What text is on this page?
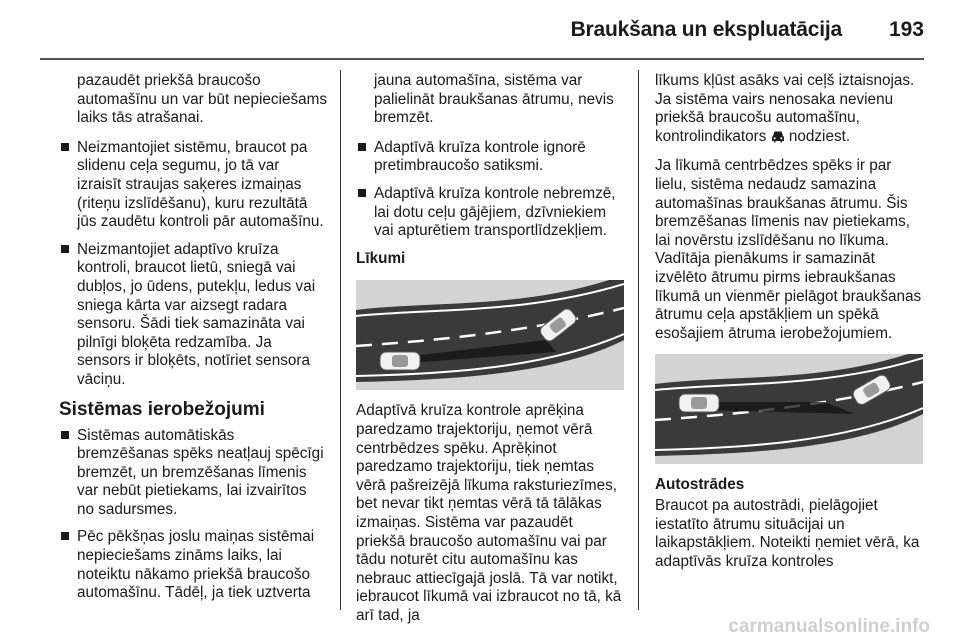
Braukšana un ekspluatācija 193

pazaudēt priekšā braucošo automašīnu un var būt nepieciešams laiks tās atrašanai.

Neizmantojiet sistēmu, braucot pa slidenu ceļa segumu, jo tā var izraisīt straujas saķeres izmaiņas (riteņu izslīdēšanu), kuru rezultātā jūs zaudētu kontroli pār automašīnu.
Neizmantojiet adaptīvo kruīza kontroli, braucot lietū, sniegā vai dubļos, jo ūdens, putekļu, ledus vai sniega kārta var aizsegt radara sensoru. Šādi tiek samazināta vai pilnīgi bloķēta redzamība. Ja sensors ir bloķēts, notīriet sensora vāciņu.
Sistēmas ierobežojumi
Sistēmas automātiskās bremzēšanas spēks neatļauj spēcīgi bremzēt, un bremzēšanas līmenis var nebūt pietiekams, lai izvairītos no sadursmes.
Pēc pēkšņas joslu maiņas sistēmai nepieciešams zināms laiks, lai noteiktu nākamo priekšā braucošo automašīnu. Tādēļ, ja tiek uztverta

jauna automašīna, sistēma var palielināt braukšanas ātrumu, nevis bremzēt.

Adaptīvā kruīza kontrole ignorē pretimbraucošo satiksmi.
Adaptīvā kruīza kontrole nebremzē, lai dotu ceļu gājējiem, dzīvniekiem vai apturētiem transportlīdzekļiem.
Līkumi

Adaptīvā kruīza kontrole aprēķina paredzamo trajektoriju, ņemot vērā centrbēdzes spēku. Aprēķinot paredzamo trajektoriju, tiek ņemtas vērā pašreizējā līkuma raksturiezīmes, bet nevar tikt ņemtas vērā tā tālākas izmaiņas. Sistēma var pazaudēt priekšā braucošo automašīnu vai par tādu noturēt citu automašīnu kas nebrauc attiecīgajā joslā. Tā var notikt, iebraucot līkumā vai izbraucot no tā, kā arī tad, ja

līkums kļūst asāks vai ceļš iztaisnojas. Ja sistēma vairs nenosaka nevienu priekšā braucošu automašīnu, kontrolindikators nodziest.

Ja līkumā centrbēdzes spēks ir par lielu, sistēma nedaudz samazina automašīnas braukšanas ātrumu. Šis bremzēšanas līmenis nav pietiekams, lai novērstu izslīdēšanu no līkuma. Vadītāja pienākums ir samazināt izvēlēto ātrumu pirms iebraukšanas līkumā un vienmēr pielāgot braukšanas ātrumu ceļa apstākļiem un spēkā esošajiem ātruma ierobežojumiem.

Autostrādes

Braucot pa autostrādi, pielāgojiet iestatīto ātrumu situācijai un laikapstākļiem. Noteikti ņemiet vērā, ka adaptīvās kruīza kontroles

carmanualsonline.info
